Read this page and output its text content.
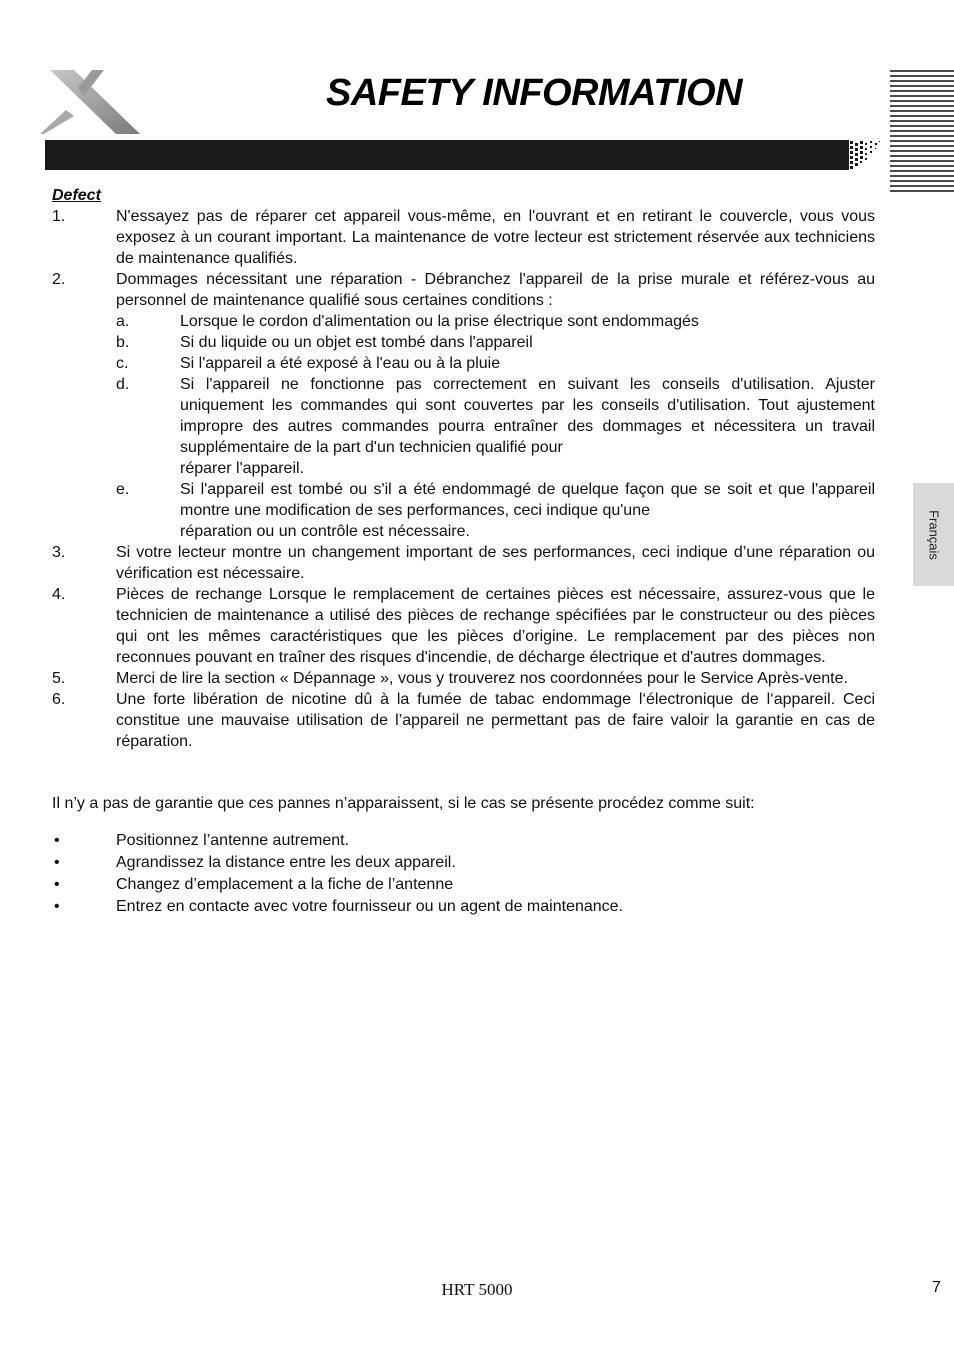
SAFETY INFORMATION
Français

Defect

1.	N'essayez pas de réparer cet appareil vous-même, en l'ouvrant et en retirant le couvercle, vous vous exposez à un courant important. La maintenance de votre lecteur est strictement réservée aux techniciens de maintenance qualifiés.
2.	Dommages nécessitant une réparation - Débranchez l'appareil de la prise murale et référez-vous au personnel de maintenance qualifié sous certaines conditions :
a.	Lorsque le cordon d'alimentation ou la prise électrique sont endommagés
b.	Si du liquide ou un objet est tombé dans l'appareil
c.	Si l'appareil a été exposé à l'eau ou à la pluie
d.	Si l'appareil ne fonctionne pas correctement en suivant les conseils d'utilisation. Ajuster uniquement les commandes qui sont couvertes par les conseils d'utilisation. Tout ajustement impropre des autres commandes pourra entraîner des dommages et nécessitera un travail supplémentaire de la part d'un technicien qualifié pour
réparer l'appareil.
e.	Si l'appareil est tombé ou s'il a été endommagé de quelque façon que se soit et que l'appareil montre une modification de ses performances, ceci indique qu'une
réparation ou un contrôle est nécessaire.
3.	Si votre lecteur montre un changement important de ses performances, ceci indique d’une réparation ou vérification est nécessaire.
4.	Pièces de rechange Lorsque le remplacement de certaines pièces est nécessaire, assurez-vous que le technicien de maintenance a utilisé des pièces de rechange spécifiées par le constructeur ou des pièces qui ont les mêmes caractéristiques que les pièces d’origine. Le remplacement par des pièces non reconnues pouvant en traîner des risques d'incendie, de décharge électrique et d'autres dommages.
5.	Merci de lire la section « Dépannage », vous y trouverez nos coordonnées pour le Service Après-vente.
6.	Une forte libération de nicotine dû à la fumée de tabac endommage l‘électronique de l‘appareil. Ceci constitue une mauvaise utilisation de l’appareil ne permettant pas de faire valoir la garantie en cas de réparation.

Il n’y a pas de garantie que ces pannes n’apparaissent, si le cas se présente procédez comme suit:

•	Positionnez l’antenne autrement.
•	Agrandissez la distance entre les deux appareil.
•	Changez d’emplacement a la fiche de l’antenne
•	Entrez en contacte avec votre fournisseur ou un agent de maintenance.
HRT 5000	7
